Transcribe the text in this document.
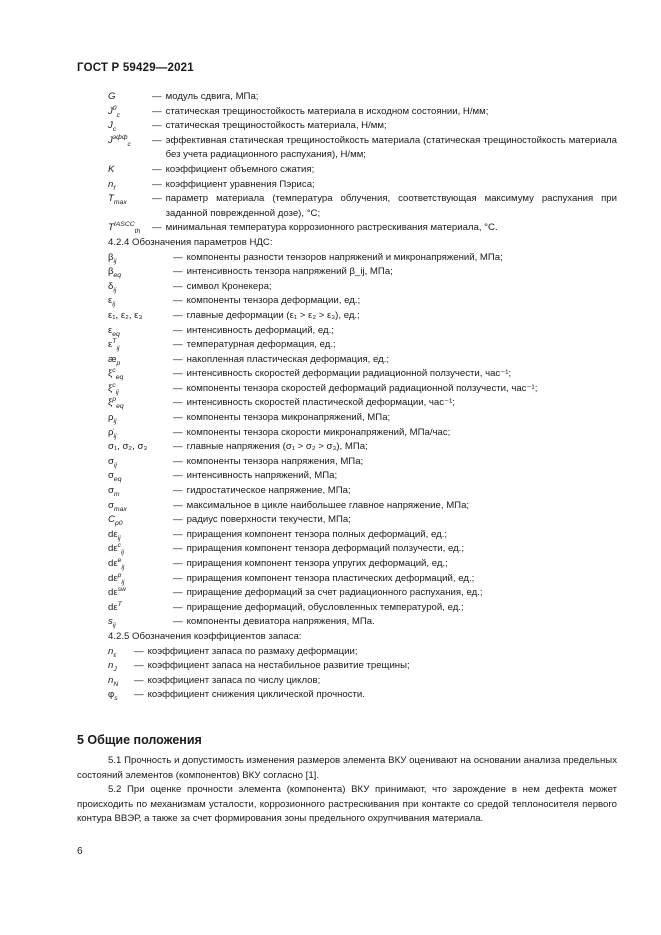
ГОСТ Р 59429—2021
G	— модуль сдвига, МПа;
$J^0_c$	— статическая трещиностойкость материала в исходном состоянии, Н/мм;
$J_c$	— статическая трещиностойкость материала, Н/мм;
$J^{эфф}_c$	— эффективная статическая трещиностойкость материала (статическая трещиностойкость материала без учета радиационного распухания), Н/мм;
K	— коэффициент объемного сжатия;
$n_f$	— коэффициент уравнения Пэриса;
$T_{max}$	— параметр материала (температура облучения, соответствующая максимуму распухания при заданной поврежденной дозе), °С;
$T^{IASCC}_{th}$	— минимальная температура коррозионного растрескивания материала, °С.
4.2.4 Обозначения параметров НДС:
$\beta_{ij}$	— компоненты разности тензоров напряжений и микронапряжений, МПа;
$\beta_{eq}$	— интенсивность тензора напряжений β_ij, МПа;
$\delta_{ij}$	— символ Кронекера;
$\varepsilon_{ij}$	— компоненты тензора деформации, ед.;
ε₁, ε₂, ε₃	— главные деформации (ε₁ > ε₂ > ε₃), ед.;
$\varepsilon_{eq}$	— интенсивность деформаций, ед.;
$\varepsilon^T_{ij}$	— температурная деформация, ед.;
$æ_p$	— накопленная пластическая деформация, ед.;
$\xi^c_{eq}$	— интенсивность скоростей деформации радиационной ползучести, час⁻¹;
$\xi^c_{ij}$	— компоненты тензора скоростей деформаций радиационной ползучести, час⁻¹;
$\xi^p_{eq}$	— интенсивность скоростей пластической деформации, час⁻¹;
$\rho_{ij}$	— компоненты тензора микронапряжений, МПа;
$\rhȯ_{ij}$	— компоненты тензора скорости микронапряжений, МПа/час;
σ₁, σ₂, σ₃	— главные напряжения (σ₁ > σ₂ > σ₃), МПа;
$\sigma_{ij}$	— компоненты тензора напряжения, МПа;
$\sigma_{eq}$	— интенсивность напряжений, МПа;
$\sigma_m$	— гидростатическое напряжение, МПа;
$\sigma_{max}$	— максимальное в цикле наибольшее главное напряжение, МПа;
$C_{p0}$	— радиус поверхности текучести, МПа;
$d\varepsilon_{ij}$	— приращения компонент тензора полных деформаций, ед.;
$d\varepsilon^c_{ij}$	— приращения компонент тензора деформаций ползучести, ед.;
$d\varepsilon^e_{ij}$	— приращения компонент тензора упругих деформаций, ед.;
$d\varepsilon^p_{ij}$	— приращения компонент тензора пластических деформаций, ед.;
$d\varepsilon^{sw}$	— приращение деформаций за счет радиационного распухания, ед.;
$d\varepsilon^T$	— приращение деформаций, обусловленных температурой, ед.;
$s_{ij}$	— компоненты девиатора напряжения, МПа.
4.2.5 Обозначения коэффициентов запаса:
$n_\varepsilon$	— коэффициент запаса по размаху деформации;
$n_J$	— коэффициент запаса на нестабильное развитие трещины;
$n_N$	— коэффициент запаса по числу циклов;
$\varphi_s$	— коэффициент снижения циклической прочности.
5 Общие положения
5.1 Прочность и допустимость изменения размеров элемента ВКУ оценивают на основании анализа предельных состояний элементов (компонентов) ВКУ согласно [1].
5.2 При оценке прочности элемента (компонента) ВКУ принимают, что зарождение в нем дефекта может происходить по механизмам усталости, коррозионного растрескивания при контакте со средой теплоносителя первого контура ВВЭР, а также за счет формирования зоны предельного охрупчивания материала.
6
